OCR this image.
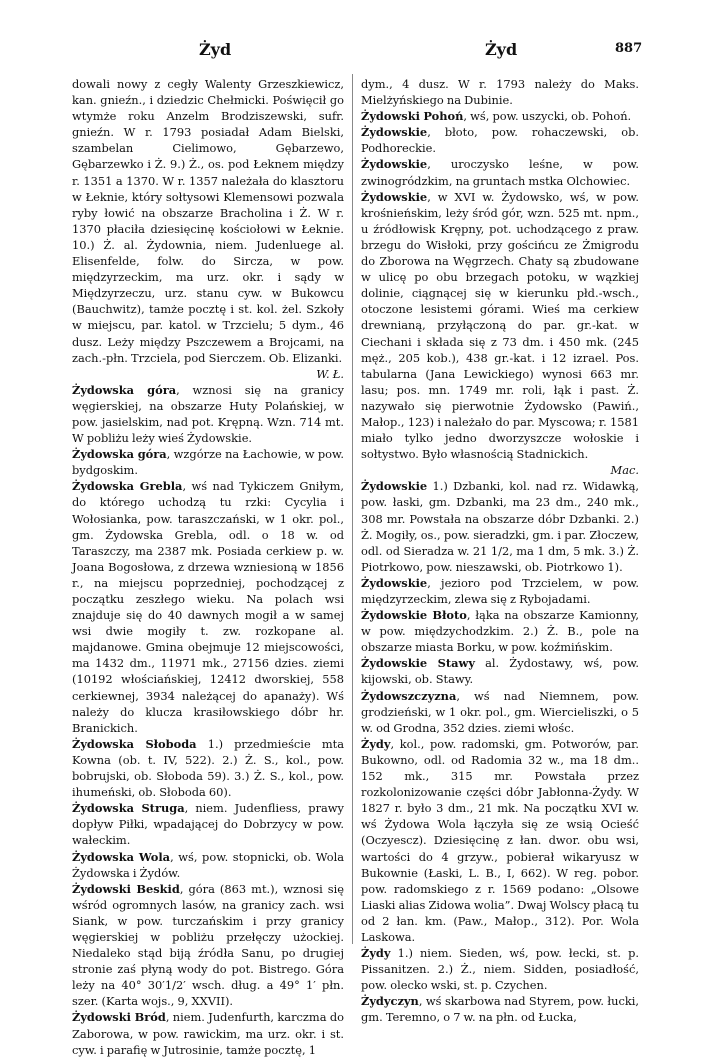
Żyd	Żyd	887

dowali nowy z cegły Walenty Grzeszkiewicz, kan. gnieźn., i dziedzic Chełmicki. Poświęcił go wtymże roku Anzelm Brodziszewski, sufr. gnieźn. W r. 1793 posiadał Adam Bielski, szambelan Cielimowo, Gębarzewo, Gębarzewko i Ż. 9.) Ż., os. pod Łeknem między r. 1351 a 1370. W r. 1357 należała do klasztoru w Łeknie, który sołtysowi Klemensowi pozwala ryby łowić na obszarze Bracholina i Ż. W r. 1370 płaciła dziesięcinę kościołowi w Łeknie. 10.) Ż. al. Żydownia, niem. Judenluege al. Elisenfelde, folw. do Sircza, w pow. międzyrzeckim, ma urz. okr. i sądy w Międzyrzeczu, urz. stanu cyw. w Bukowcu (Bauchwitz), tamże pocztę i st. kol. żel. Szkoły w miejscu, par. katol. w Trzcielu; 5 dym., 46 dusz. Leży między Pszczewem a Brojcami, na zach.-płn. Trzciela, pod Sierczem. Ob. Elizanki.

W. Ł.

Żydowska góra, wznosi się na granicy węgierskiej, na obszarze Huty Polańskiej, w pow. jasielskim, nad pot. Krępną. Wzn. 714 mt. W pobliżu leży wieś Żydowskie.

Żydowska góra, wzgórze na Łachowie, w pow. bydgoskim.

Żydowska Grebla, wś nad Tykiczem Gniłym, do którego uchodzą tu rzki: Cycylia i Wołosianka, pow. taraszczański, w 1 okr. pol., gm. Żydowska Grebla, odl. o 18 w. od Taraszczy, ma 2387 mk. Posiada cerkiew p. w. Joana Bogosłowa, z drzewa wzniesioną w 1856 r., na miejscu poprzedniej, pochodzącej z początku zeszłego wieku. Na polach wsi znajduje się do 40 dawnych mogił a w samej wsi dwie mogiły t. zw. rozkopane al. majdanowe. Gmina obejmuje 12 miejscowości, ma 1432 dm., 11971 mk., 27156 dzies. ziemi (10192 włościańskiej, 12412 dworskiej, 558 cerkiewnej, 3934 należącej do apanaży). Wś należy do klucza krasiłowskiego dóbr hr. Branickich.

Żydowska Słoboda 1.) przedmieście mta Kowna (ob. t. IV, 522). 2.) Ż. S., kol., pow. bobrujski, ob. Słoboda 59). 3.) Ż. S., kol., pow. ihumeński, ob. Słoboda 60).

Żydowska Struga, niem. Judenfliess, prawy dopływ Piłki, wpadającej do Dobrzycy w pow. wałeckim.

Żydowska Wola, wś, pow. stopnicki, ob. Wola Żydowska i Żydów.

Żydowski Beskid, góra (863 mt.), wznosi się wśród ogromnych lasów, na granicy zach. wsi Siank, w pow. turczańskim i przy granicy węgierskiej w pobliżu przełęczy użockiej. Niedaleko stąd biją źródła Sanu, po drugiej stronie zaś płyną wody do pot. Bistrego. Góra leży na 40° 30′1/2′ wsch. dług. a 49° 1′ płn. szer. (Karta wojs., 9, XXVII).

Żydowski Bród, niem. Judenfurth, karczma do Zaborowa, w pow. rawickim, ma urz. okr. i st. cyw. i parafię w Jutrosinie, tamże pocztę, 1

dym., 4 dusz. W r. 1793 należy do Maks. Mielżyńskiego na Dubinie.

Żydowski Pohoń, wś, pow. uszycki, ob. Pohoń.

Żydowskie, błoto, pow. rohaczewski, ob. Podhoreckie.

Żydowskie, uroczysko leśne, w pow. zwinogródzkim, na gruntach mstka Olchowiec.

Żydowskie, w XVI w. Żydowsko, wś, w pow. krośnieńskim, leży śród gór, wzn. 525 mt. npm., u źródłowisk Krępny, pot. uchodzącego z praw. brzegu do Wisłoki, przy gościńcu ze Żmigrodu do Zborowa na Węgrzech. Chaty są zbudowane w ulicę po obu brzegach potoku, w wązkiej dolinie, ciągnącej się w kierunku płd.-wsch., otoczone lesistemi górami. Wieś ma cerkiew drewnianą, przyłączoną do par. gr.-kat. w Ciechani i składa się z 73 dm. i 450 mk. (245 męż., 205 kob.), 438 gr.-kat. i 12 izrael. Pos. tabularna (Jana Lewickiego) wynosi 663 mr. lasu; pos. mn. 1749 mr. roli, łąk i past. Ż. nazywało się pierwotnie Żydowsko (Pawiń., Małop., 123) i należało do par. Myscowa; r. 1581 miało tylko jedno dworzyszcze wołoskie i sołtystwo. Było własnością Stadnickich.

Mac.

Żydowskie 1.) Dzbanki, kol. nad rz. Widawką, pow. łaski, gm. Dzbanki, ma 23 dm., 240 mk., 308 mr. Powstała na obszarze dóbr Dzbanki. 2.) Ż. Mogiły, os., pow. sieradzki, gm. i par. Złoczew, odl. od Sieradza w. 21 1/2, ma 1 dm, 5 mk. 3.) Ż. Piotrkowo, pow. nieszawski, ob. Piotrkowo 1).

Żydowskie, jezioro pod Trzcielem, w pow. międzyrzeckim, zlewa się z Rybojadami.

Żydowskie Błoto, łąka na obszarze Kamionny, w pow. międzychodzkim. 2.) Ż. B., pole na obszarze miasta Borku, w pow. koźmińskim.

Żydowskie Stawy al. Żydostawy, wś, pow. kijowski, ob. Stawy.

Żydowszczyzna, wś nad Niemnem, pow. grodzieński, w 1 okr. pol., gm. Wiercieliszki, o 5 w. od Grodna, 352 dzies. ziemi włośc.

Żydy, kol., pow. radomski, gm. Potworów, par. Bukowno, odl. od Radomia 32 w., ma 18 dm.. 152 mk., 315 mr. Powstała przez rozkolonizowanie części dóbr Jabłonna-Żydy. W 1827 r. było 3 dm., 21 mk. Na początku XVI w. wś Żydowa Wola łączyła się ze wsią Ocieść (Oczyescz). Dziesięcinę z łan. dwor. obu wsi, wartości do 4 grzyw., pobierał wikaryusz w Bukownie (Łaski, L. B., I, 662). W reg. pobor. pow. radomskiego z r. 1569 podano: „Olsowe Liaski alias Zidowa wolia”. Dwaj Wolscy płacą tu od 2 łan. km. (Paw., Małop., 312). Por. Wola Laskowa.

Żydy 1.) niem. Sieden, wś, pow. łecki, st. p. Pissanitzen. 2.) Ż., niem. Sidden, posiadłość, pow. olecko wski, st. p. Czychen.

Żydyczyn, wś skarbowa nad Styrem, pow. łucki, gm. Teremno, o 7 w. na płn. od Łucka,
